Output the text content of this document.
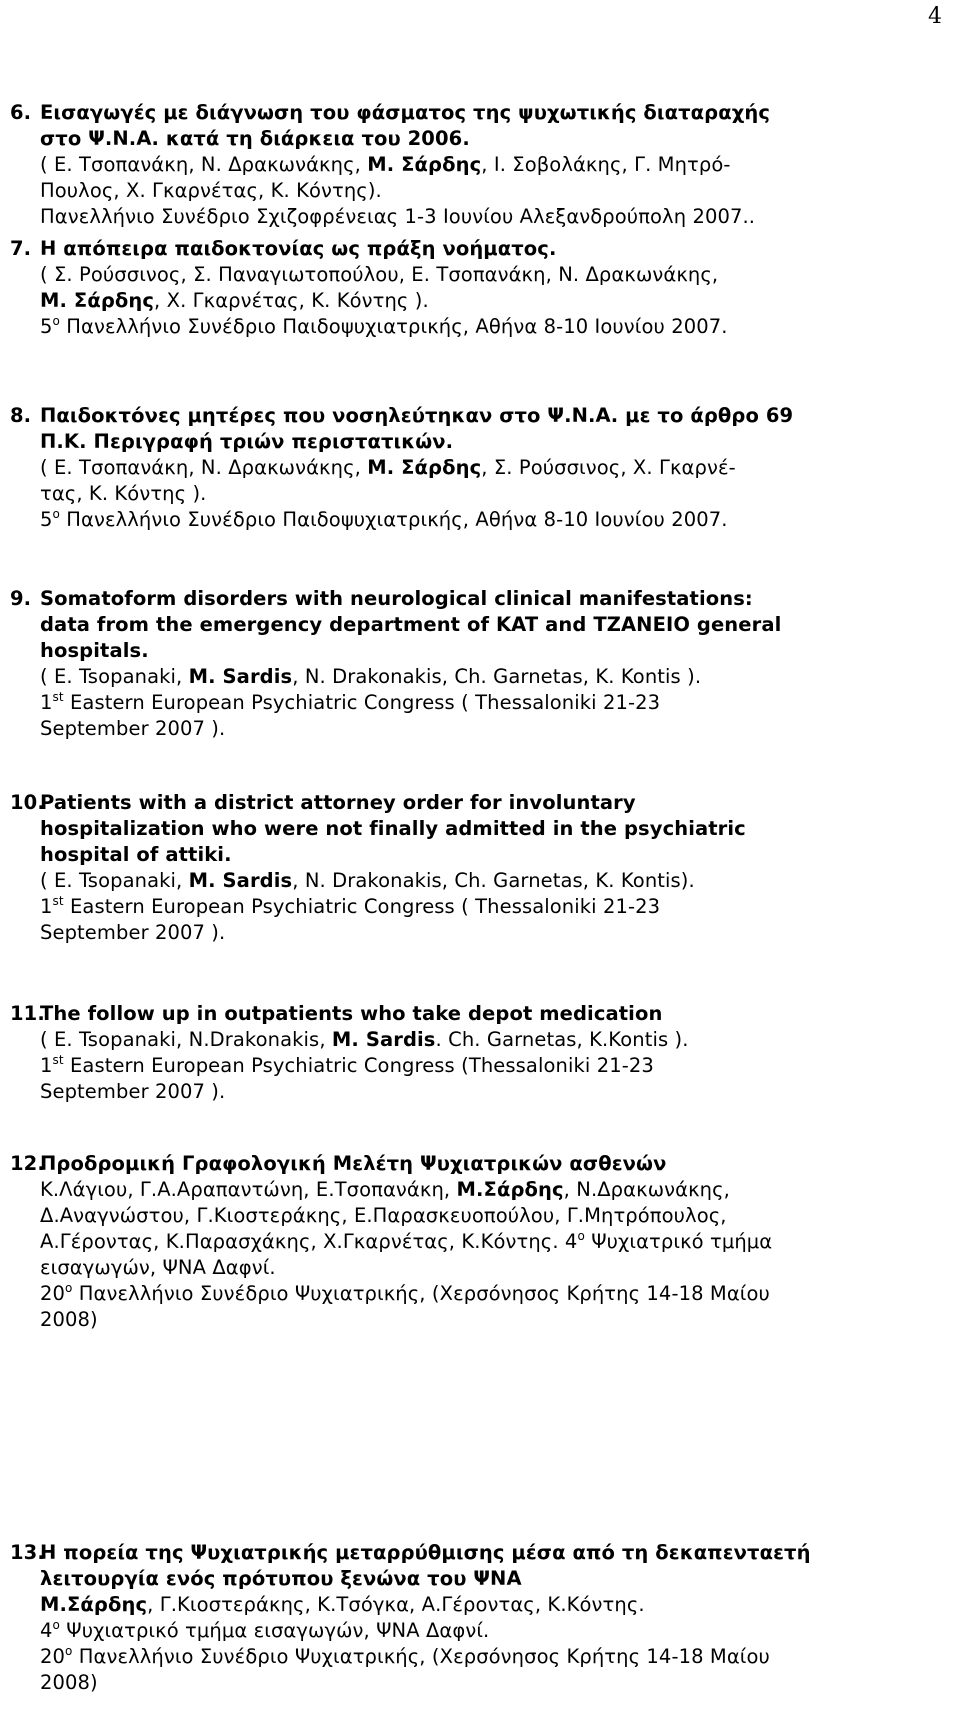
4
6. Εισαγωγές με διάγνωση του φάσματος της ψυχωτικής διαταραχής
στο Ψ.Ν.Α. κατά τη διάρκεια του 2006.
( Ε. Τσοπανάκη, Ν. Δρακωνάκης, Μ. Σάρδης, Ι. Σοβολάκης, Γ. Μητρό-
Πουλος, Χ. Γκαρνέτας, Κ. Κόντης).
Πανελλήνιο Συνέδριο Σχιζοφρένειας 1-3 Ιουνίου Αλεξανδρούπολη 2007..
7. Η απόπειρα παιδοκτονίας ως πράξη νοήματος.
( Σ. Ρούσσινος, Σ. Παναγιωτοπούλου, Ε. Τσοπανάκη, Ν. Δρακωνάκης,
Μ. Σάρδης, Χ. Γκαρνέτας, Κ. Κόντης ).
$5^o$ Πανελλήνιο Συνέδριο Παιδοψυχιατρικής, Αθήνα 8-10 Ιουνίου 2007.
8. Παιδοκτόνες μητέρες που νοσηλεύτηκαν στο Ψ.Ν.Α. με το άρθρο 69
Π.Κ. Περιγραφή τριών περιστατικών.
( Ε. Τσοπανάκη, Ν. Δρακωνάκης, Μ. Σάρδης, Σ. Ρούσσινος, Χ. Γκαρνέ-
τας, Κ. Κόντης ).
$5^o$ Πανελλήνιο Συνέδριο Παιδοψυχιατρικής, Αθήνα 8-10 Ιουνίου 2007.
9. Somatoform disorders with neurological clinical manifestations:
data from the emergency department of KAT and TZANEIO general
hospitals.
( E. Tsopanaki, M. Sardis, N. Drakonakis, Ch. Garnetas, K. Kontis ).
1st Eastern European Psychiatric Congress ( Thessaloniki 21-23
September 2007 ).
10.
Patients with a district attorney order for involuntary
hospitalization who were not finally admitted in the psychiatric
hospital of attiki.
( E. Tsopanaki, M. Sardis, N. Drakonakis, Ch. Garnetas, K. Kontis).
1st Eastern European Psychiatric Congress ( Thessaloniki 21-23
September 2007 ).
11.
The follow up in outpatients who take depot medication
( E. Tsopanaki, N.Drakonakis, M. Sardis. Ch. Garnetas, K.Kontis ).
1st Eastern European Psychiatric Congress (Thessaloniki 21-23
September 2007 ).
12.
Προδρομική Γραφολογική Μελέτη Ψυχιατρικών ασθενών
Κ.Λάγιου, Γ.Α.Αραπαντώνη, Ε.Τσοπανάκη, Μ.Σάρδης, Ν.Δρακωνάκης,
Δ.Αναγνώστου, Γ.Κιοστεράκης, Ε.Παρασκευοπούλου, Γ.Μητρόπουλος,
Α.Γέροντας, Κ.Παρασχάκης, Χ.Γκαρνέτας, Κ.Κόντης. $4^o$ Ψυχιατρικό τμήμα
εισαγωγών, ΨΝΑ Δαφνί.
$20^o$ Πανελλήνιο Συνέδριο Ψυχιατρικής, (Χερσόνησος Κρήτης 14-18 Μαίου
2008)
13.
Η πορεία της Ψυχιατρικής μεταρρύθμισης μέσα από τη δεκαπενταετή
λειτουργία ενός πρότυπου ξενώνα του ΨΝΑ
Μ.Σάρδης, Γ.Κιοστεράκης, Κ.Τσόγκα, Α.Γέροντας, Κ.Κόντης.
$4^o$ Ψυχιατρικό τμήμα εισαγωγών, ΨΝΑ Δαφνί.
$20^o$ Πανελλήνιο Συνέδριο Ψυχιατρικής, (Χερσόνησος Κρήτης 14-18 Μαίου
2008)
